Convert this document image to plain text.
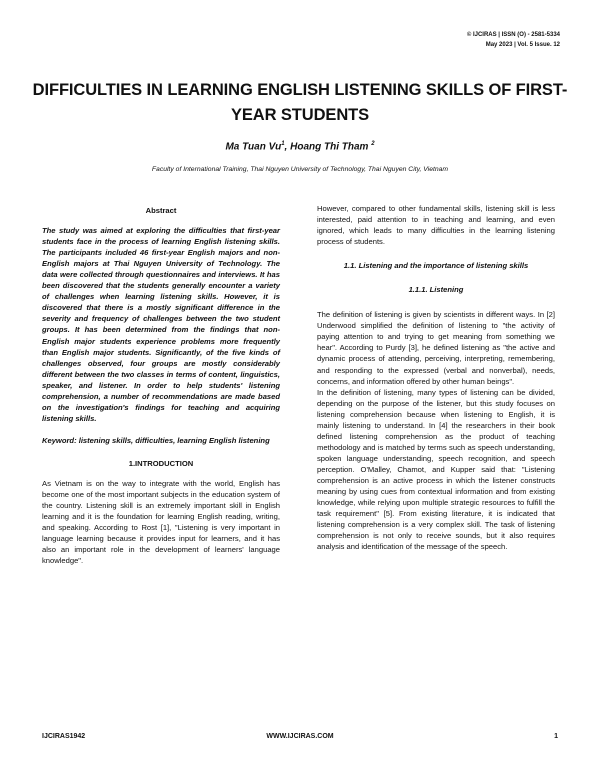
© IJCIRAS | ISSN (O) - 2581-5334
May 2023 | Vol. 5 Issue. 12
DIFFICULTIES IN LEARNING ENGLISH LISTENING SKILLS OF FIRST-YEAR STUDENTS
Ma Tuan Vu$^1$, Hoang Thi Tham $^2$
Faculty of International Training, Thai Nguyen University of Technology, Thai Nguyen City, Vietnam

Abstract

The study was aimed at exploring the difficulties that first-year students face in the process of learning English listening skills. The participants included 46 first-year English majors and non-English majors at Thai Nguyen University of Technology. The data were collected through questionnaires and interviews. It has been discovered that the students generally encounter a variety of challenges when learning listening skills. However, it is discovered that there is a mostly significant difference in the severity and frequency of challenges between the two student groups. It has been determined from the findings that non-English major students experience problems more frequently than English major students. Significantly, of the five kinds of challenges observed, four groups are mostly considerably different between the two classes in terms of content, linguistics, speaker, and listener. In order to help students' listening comprehension, a number of recommendations are made based on the investigation's findings for teaching and acquiring listening skills.

Keyword: listening skills, difficulties, learning English listening

1.INTRODUCTION

As Vietnam is on the way to integrate with the world, English has become one of the most important subjects in the education system of the country. Listening skill is an extremely important skill in English learning and it is the foundation for learning English reading, writing, and speaking. According to Rost [1], "Listening is very important in language learning because it provides input for learners, and it has also an important role in the development of learners' language knowledge".

However, compared to other fundamental skills, listening skill is less interested, paid attention to in teaching and learning, and even ignored, which leads to many difficulties in the learning listening process of students.

1.1. Listening and the importance of listening skills

1.1.1. Listening

The definition of listening is given by scientists in different ways. In [2] Underwood simplified the definition of listening to "the activity of paying attention to and trying to get meaning from something we hear". According to Purdy [3], he defined listening as "the active and dynamic process of attending, perceiving, interpreting, remembering, and responding to the expressed (verbal and nonverbal), needs, concerns, and information offered by other human beings".

In the definition of listening, many types of listening can be divided, depending on the purpose of the listener, but this study focuses on listening comprehension because when listening to English, it is mainly listening to understand. In [4] the researchers in their book defined listening comprehension as the product of teaching methodology and is matched by terms such as speech understanding, spoken language understanding, speech recognition, and speech perception. O'Malley, Chamot, and Kupper said that: "Listening comprehension is an active process in which the listener constructs meaning by using cues from contextual information and from existing knowledge, while relying upon multiple strategic resources to fulfill the task requirement" [5]. From existing literature, it is indicated that listening comprehension is a very complex skill. The task of listening comprehension is not only to receive sounds, but it also requires analysis and identification of the message of the speech.

IJCIRAS1942	WWW.IJCIRAS.COM	1
